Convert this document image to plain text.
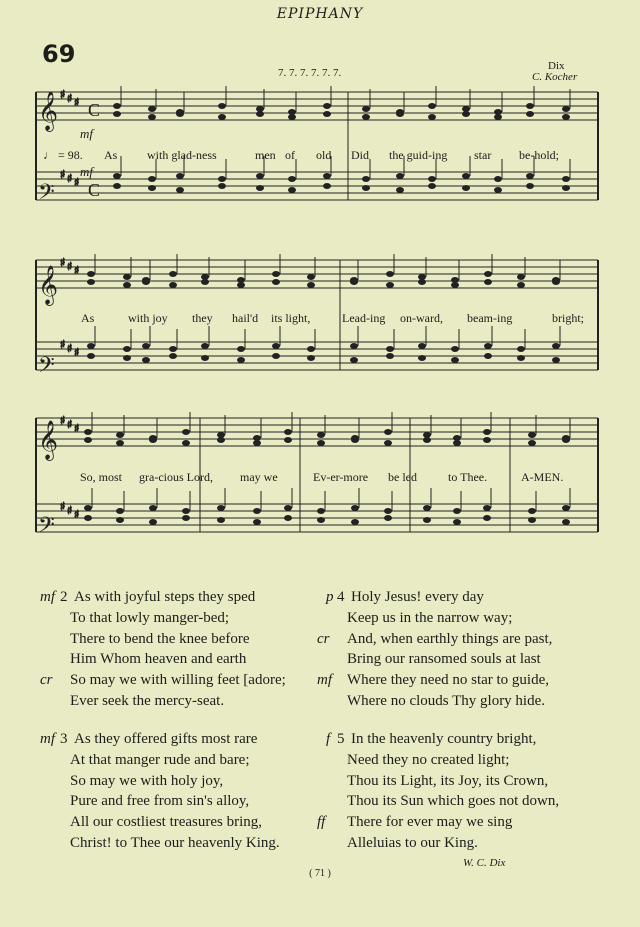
EPIPHANY
69
7. 7. 7. 7. 7. 7.
Dix
C. Kocher
♯ ♯ ♯
♯ ♯ ♯
♯ ♯ ♯
♯ ♯ ♯
♯ ♯ ♯
♯ ♯ ♯
𝄞
𝄢
𝄞
𝄢
𝄞
𝄢
C
C
mf
mf
♩ = 98. As with glad-ness	men of old Did the guid-ing star be-hold;
As	with joy they hail'd its light,	Lead-ing on-ward, beam-ing	bright;
So, most gra-cious Lord, may we	Ev-er-more be led	to Thee.	A-MEN.
2
mf As with joyful steps they sped
To that lowly manger-bed;
There to bend the knee before
Him Whom heaven and earth
cr So may we with willing feet [adore;
Ever seek the mercy-seat.
3
mf As they offered gifts most rare
At that manger rude and bare;
So may we with holy joy,
Pure and free from sin's alloy,
All our costliest treasures bring,
Christ! to Thee our heavenly King.
4
p Holy Jesus! every day
Keep us in the narrow way;
cr And, when earthly things are past,
Bring our ransomed souls at last
mf Where they need no star to guide,
Where no clouds Thy glory hide.
5
f In the heavenly country bright,
Need they no created light;
Thou its Light, its Joy, its Crown,
Thou its Sun which goes not down,
ff There for ever may we sing
Alleluias to our King.
W. C. Dix
( 71 )
